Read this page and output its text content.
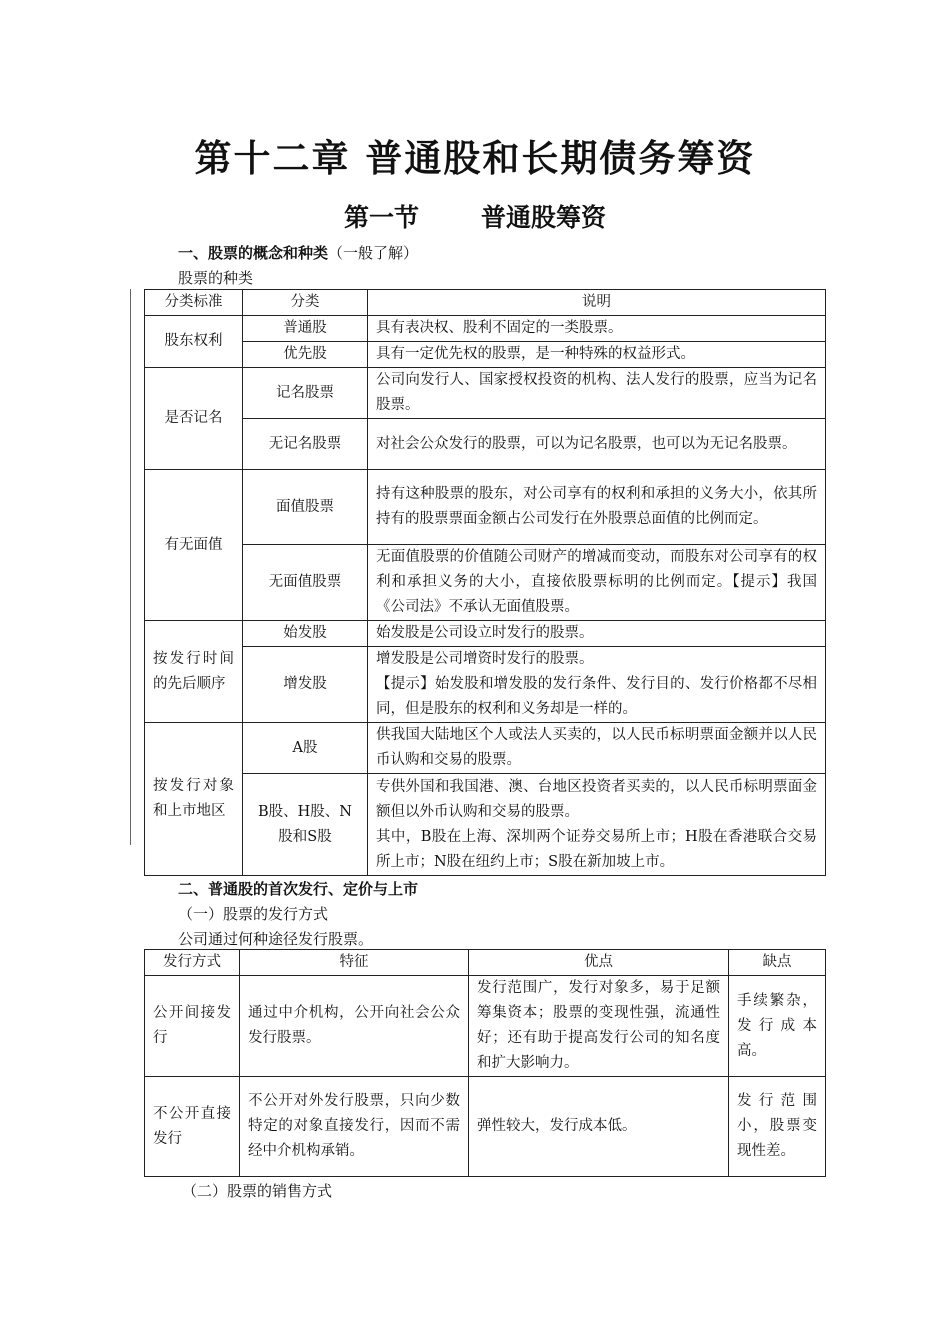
第十二章 普通股和长期债务筹资
第一节 普通股筹资
一、股票的概念和种类（一般了解）
股票的种类
分类标准	分类	说明
股东权利	普通股	具有表决权、股利不固定的一类股票。
	优先股	具有一定优先权的股票，是一种特殊的权益形式。
是否记名	记名股票	公司向发行人、国家授权投资的机构、法人发行的股票，应当为记名股票。
	无记名股票	对社会公众发行的股票，可以为记名股票，也可以为无记名股票。
有无面值	面值股票	持有这种股票的股东，对公司享有的权利和承担的义务大小，依其所持有的股票票面金额占公司发行在外股票总面值的比例而定。
	无面值股票	无面值股票的价值随公司财产的增减而变动，而股东对公司享有的权利和承担义务的大小，直接依股票标明的比例而定。【提示】我国《公司法》不承认无面值股票。
按发行时间的先后顺序	始发股	始发股是公司设立时发行的股票。
	增发股	增发股是公司增资时发行的股票。
【提示】始发股和增发股的发行条件、发行目的、发行价格都不尽相同，但是股东的权利和义务却是一样的。

按发行对象和上市地区	A股	供我国大陆地区个人或法人买卖的，以人民币标明票面金额并以人民币认购和交易的股票。
	B股、H股、N股和S股	专供外国和我国港、澳、台地区投资者买卖的，以人民币标明票面金额但以外币认购和交易的股票。
其中，B股在上海、深圳两个证券交易所上市；H股在香港联合交易所上市；N股在纽约上市；S股在新加坡上市。
二、普通股的首次发行、定价与上市
（一）股票的发行方式
公司通过何种途径发行股票。
发行方式	特征	优点	缺点
公开间接发行	通过中介机构，公开向社会公众发行股票。	发行范围广，发行对象多，易于足额筹集资本；股票的变现性强，流通性好；还有助于提高发行公司的知名度和扩大影响力。	手续繁杂，发行成本高。
不公开直接发行	不公开对外发行股票，只向少数特定的对象直接发行，因而不需经中介机构承销。	弹性较大，发行成本低。	发行范围小，股票变现性差。
（二）股票的销售方式
